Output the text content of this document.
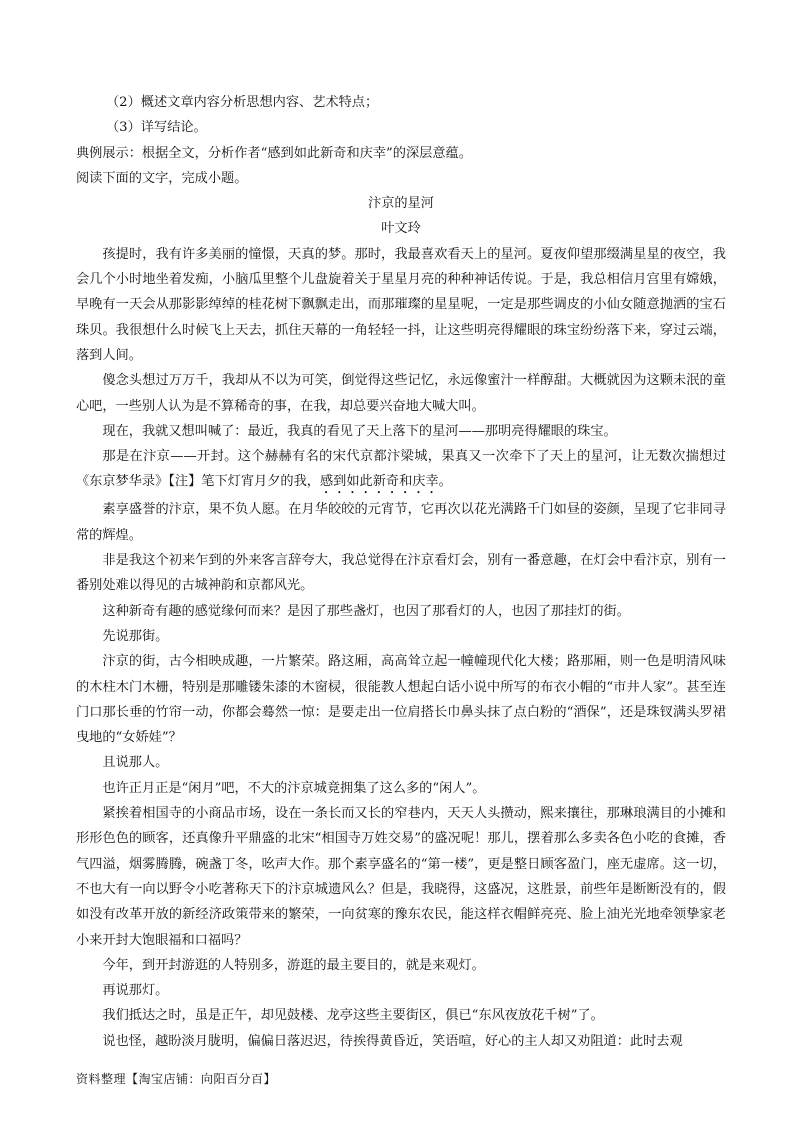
（2）概述文章内容分析思想内容、艺术特点；

（3）详写结论。

典例展示：根据全文，分析作者“感到如此新奇和庆幸”的深层意蕴。

阅读下面的文字，完成小题。

汴京的星河

叶文玲

孩提时，我有许多美丽的憧憬，天真的梦。那时，我最喜欢看天上的星河。夏夜仰望那缀满星星的夜空，我会几个小时地坐着发痴，小脑瓜里整个儿盘旋着关于星星月亮的种种神话传说。于是，我总相信月宫里有嫦娥，早晚有一天会从那影影绰绰的桂花树下飘飘走出，而那璀璨的星星呢，一定是那些调皮的小仙女随意抛洒的宝石珠贝。我很想什么时候飞上天去，抓住天幕的一角轻轻一抖，让这些明亮得耀眼的珠宝纷纷落下来，穿过云端，落到人间。

傻念头想过万万千，我却从不以为可笑，倒觉得这些记忆，永远像蜜汁一样醇甜。大概就因为这颗未泯的童心吧，一些别人认为是不算稀奇的事，在我，却总要兴奋地大喊大叫。

现在，我就又想叫喊了：最近，我真的看见了天上落下的星河——那明亮得耀眼的珠宝。

那是在汴京——开封。这个赫赫有名的宋代京都汴梁城，果真又一次牵下了天上的星河，让无数次揣想过《东京梦华录》【注】笔下灯宵月夕的我，感到如此新奇和庆幸。

素享盛誉的汴京，果不负人愿。在月华皎皎的元宵节，它再次以花光满路千门如昼的姿颜，呈现了它非同寻常的辉煌。

非是我这个初来乍到的外来客言辞夸大，我总觉得在汴京看灯会，别有一番意趣，在灯会中看汴京，别有一番别处难以得见的古城神韵和京都风光。

这种新奇有趣的感觉缘何而来？是因了那些盏灯，也因了那看灯的人，也因了那挂灯的街。

先说那街。

汴京的街，古今相映成趣，一片繁荣。路这厢，高高耸立起一幢幢现代化大楼；路那厢，则一色是明清风味的木柱木门木栅，特别是那雕镂朱漆的木窗棂，很能教人想起白话小说中所写的布衣小帽的“市井人家”。甚至连门口那长垂的竹帘一动，你都会蓦然一惊：是要走出一位肩搭长巾鼻头抹了点白粉的“酒保”，还是珠钗满头罗裙曳地的“女娇娃”？

且说那人。

也许正月正是“闲月”吧，不大的汴京城竟拥集了这么多的“闲人”。

紧挨着相国寺的小商品市场，设在一条长而又长的窄巷内，天天人头攒动，熙来攘往，那琳琅满目的小摊和形形色色的顾客，还真像升平鼎盛的北宋“相国寺万姓交易”的盛况呢！那儿，摆着那么多卖各色小吃的食摊，香气四溢，烟雾腾腾，碗盏丁冬，吆声大作。那个素享盛名的“第一楼”，更是整日顾客盈门，座无虚席。这一切，不也大有一向以野令小吃著称天下的汴京城遗风么？但是，我晓得，这盛况，这胜景，前些年是断断没有的，假如没有改革开放的新经济政策带来的繁荣，一向贫寒的豫东农民，能这样衣帽鲜亮亮、脸上油光光地牵领挚家老小来开封大饱眼福和口福吗？

今年，到开封游逛的人特别多，游逛的最主要目的，就是来观灯。

再说那灯。

我们抵达之时，虽是正午，却见鼓楼、龙亭这些主要街区，俱已“东风夜放花千树”了。

说也怪，越盼淡月胧明，偏偏日落迟迟，待挨得黄昏近，笑语喧，好心的主人却又劝阻道：此时去观

资料整理【淘宝店铺：向阳百分百】
